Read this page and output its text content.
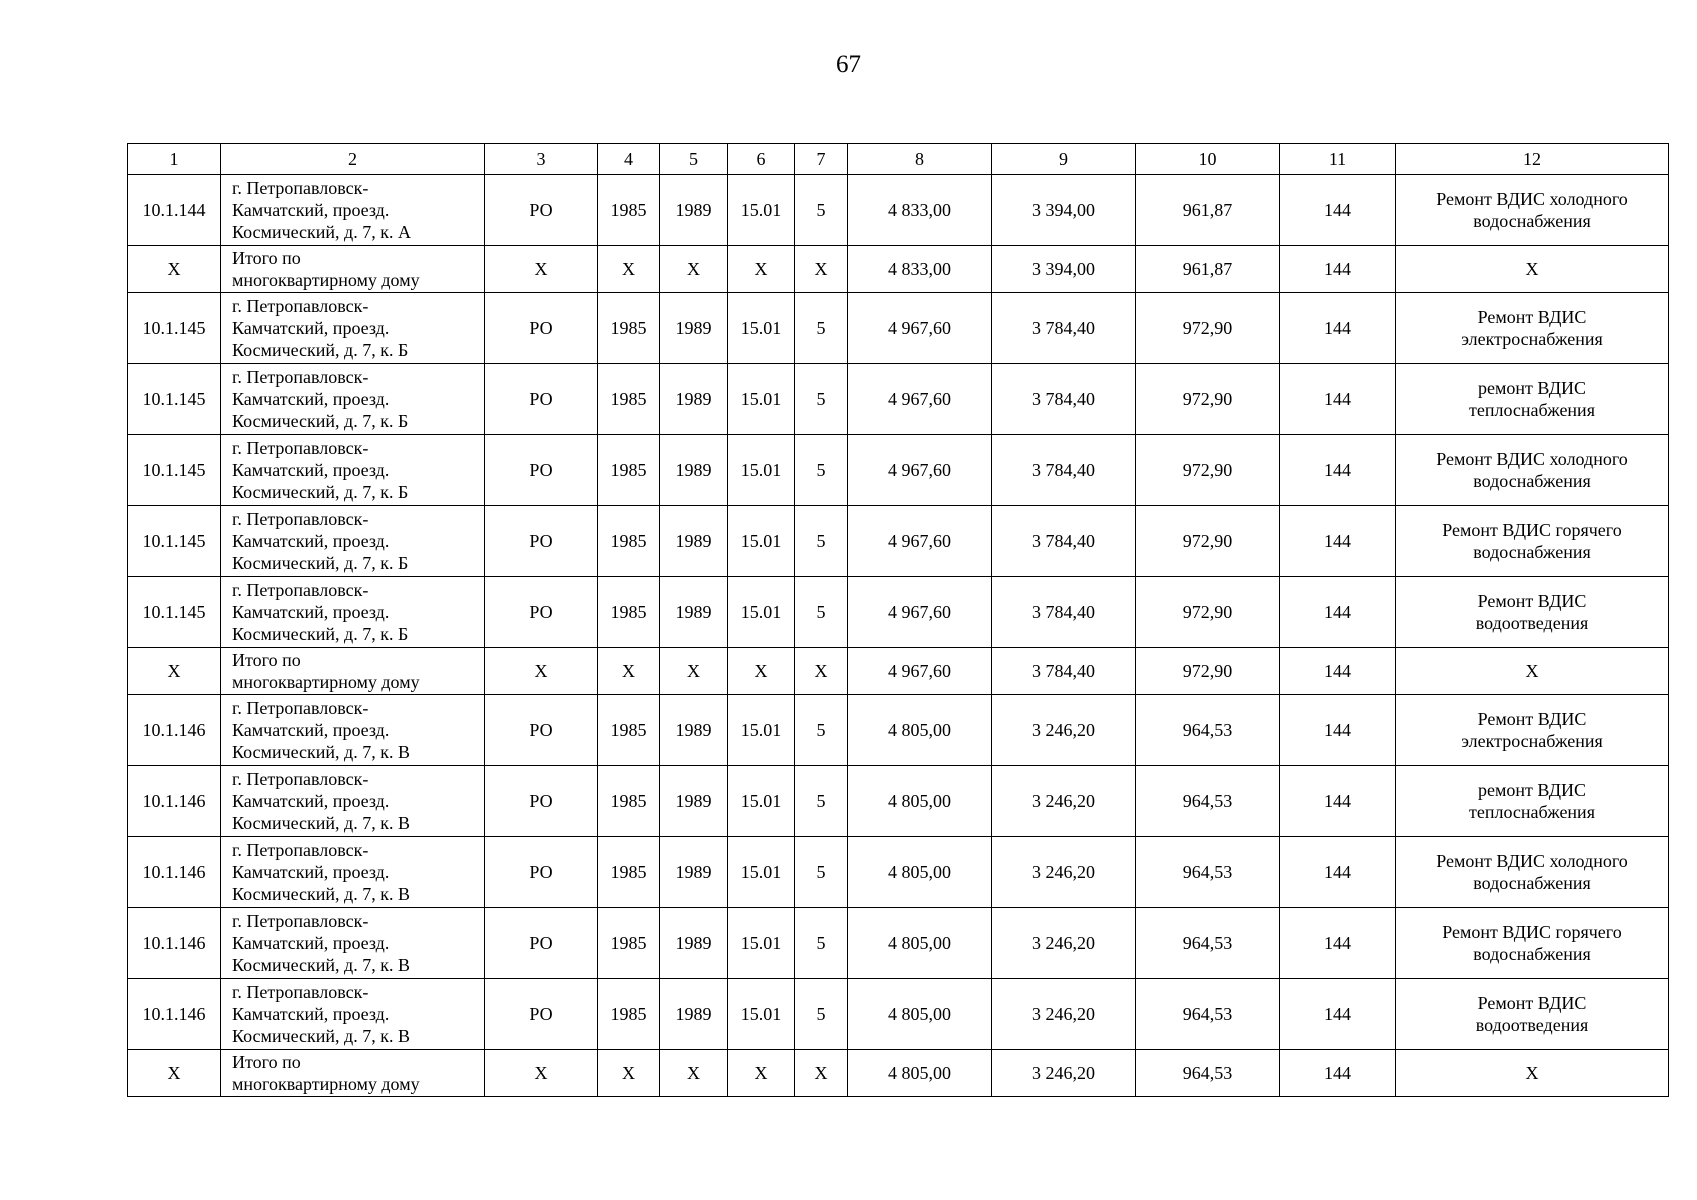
67
1	2	3	4	5	6	7	8	9	10	11	12
10.1.144	г. Петропавловск-
Камчатский, проезд.
Космический, д. 7, к. А	РО	1985	1989	15.01	5	4 833,00	3 394,00	961,87	144	Ремонт ВДИС холодного
водоснабжения
Х	Итого по
многоквартирному дому	Х	Х	Х	Х	Х	4 833,00	3 394,00	961,87	144	Х
10.1.145	г. Петропавловск-
Камчатский, проезд.
Космический, д. 7, к. Б	РО	1985	1989	15.01	5	4 967,60	3 784,40	972,90	144	Ремонт ВДИС
электроснабжения
10.1.145	г. Петропавловск-
Камчатский, проезд.
Космический, д. 7, к. Б	РО	1985	1989	15.01	5	4 967,60	3 784,40	972,90	144	ремонт ВДИС
теплоснабжения
10.1.145	г. Петропавловск-
Камчатский, проезд.
Космический, д. 7, к. Б	РО	1985	1989	15.01	5	4 967,60	3 784,40	972,90	144	Ремонт ВДИС холодного
водоснабжения
10.1.145	г. Петропавловск-
Камчатский, проезд.
Космический, д. 7, к. Б	РО	1985	1989	15.01	5	4 967,60	3 784,40	972,90	144	Ремонт ВДИС горячего
водоснабжения
10.1.145	г. Петропавловск-
Камчатский, проезд.
Космический, д. 7, к. Б	РО	1985	1989	15.01	5	4 967,60	3 784,40	972,90	144	Ремонт ВДИС
водоотведения
Х	Итого по
многоквартирному дому	Х	Х	Х	Х	Х	4 967,60	3 784,40	972,90	144	Х
10.1.146	г. Петропавловск-
Камчатский, проезд.
Космический, д. 7, к. В	РО	1985	1989	15.01	5	4 805,00	3 246,20	964,53	144	Ремонт ВДИС
электроснабжения
10.1.146	г. Петропавловск-
Камчатский, проезд.
Космический, д. 7, к. В	РО	1985	1989	15.01	5	4 805,00	3 246,20	964,53	144	ремонт ВДИС
теплоснабжения
10.1.146	г. Петропавловск-
Камчатский, проезд.
Космический, д. 7, к. В	РО	1985	1989	15.01	5	4 805,00	3 246,20	964,53	144	Ремонт ВДИС холодного
водоснабжения
10.1.146	г. Петропавловск-
Камчатский, проезд.
Космический, д. 7, к. В	РО	1985	1989	15.01	5	4 805,00	3 246,20	964,53	144	Ремонт ВДИС горячего
водоснабжения
10.1.146	г. Петропавловск-
Камчатский, проезд.
Космический, д. 7, к. В	РО	1985	1989	15.01	5	4 805,00	3 246,20	964,53	144	Ремонт ВДИС
водоотведения
Х	Итого по
многоквартирному дому	Х	Х	Х	Х	Х	4 805,00	3 246,20	964,53	144	Х
